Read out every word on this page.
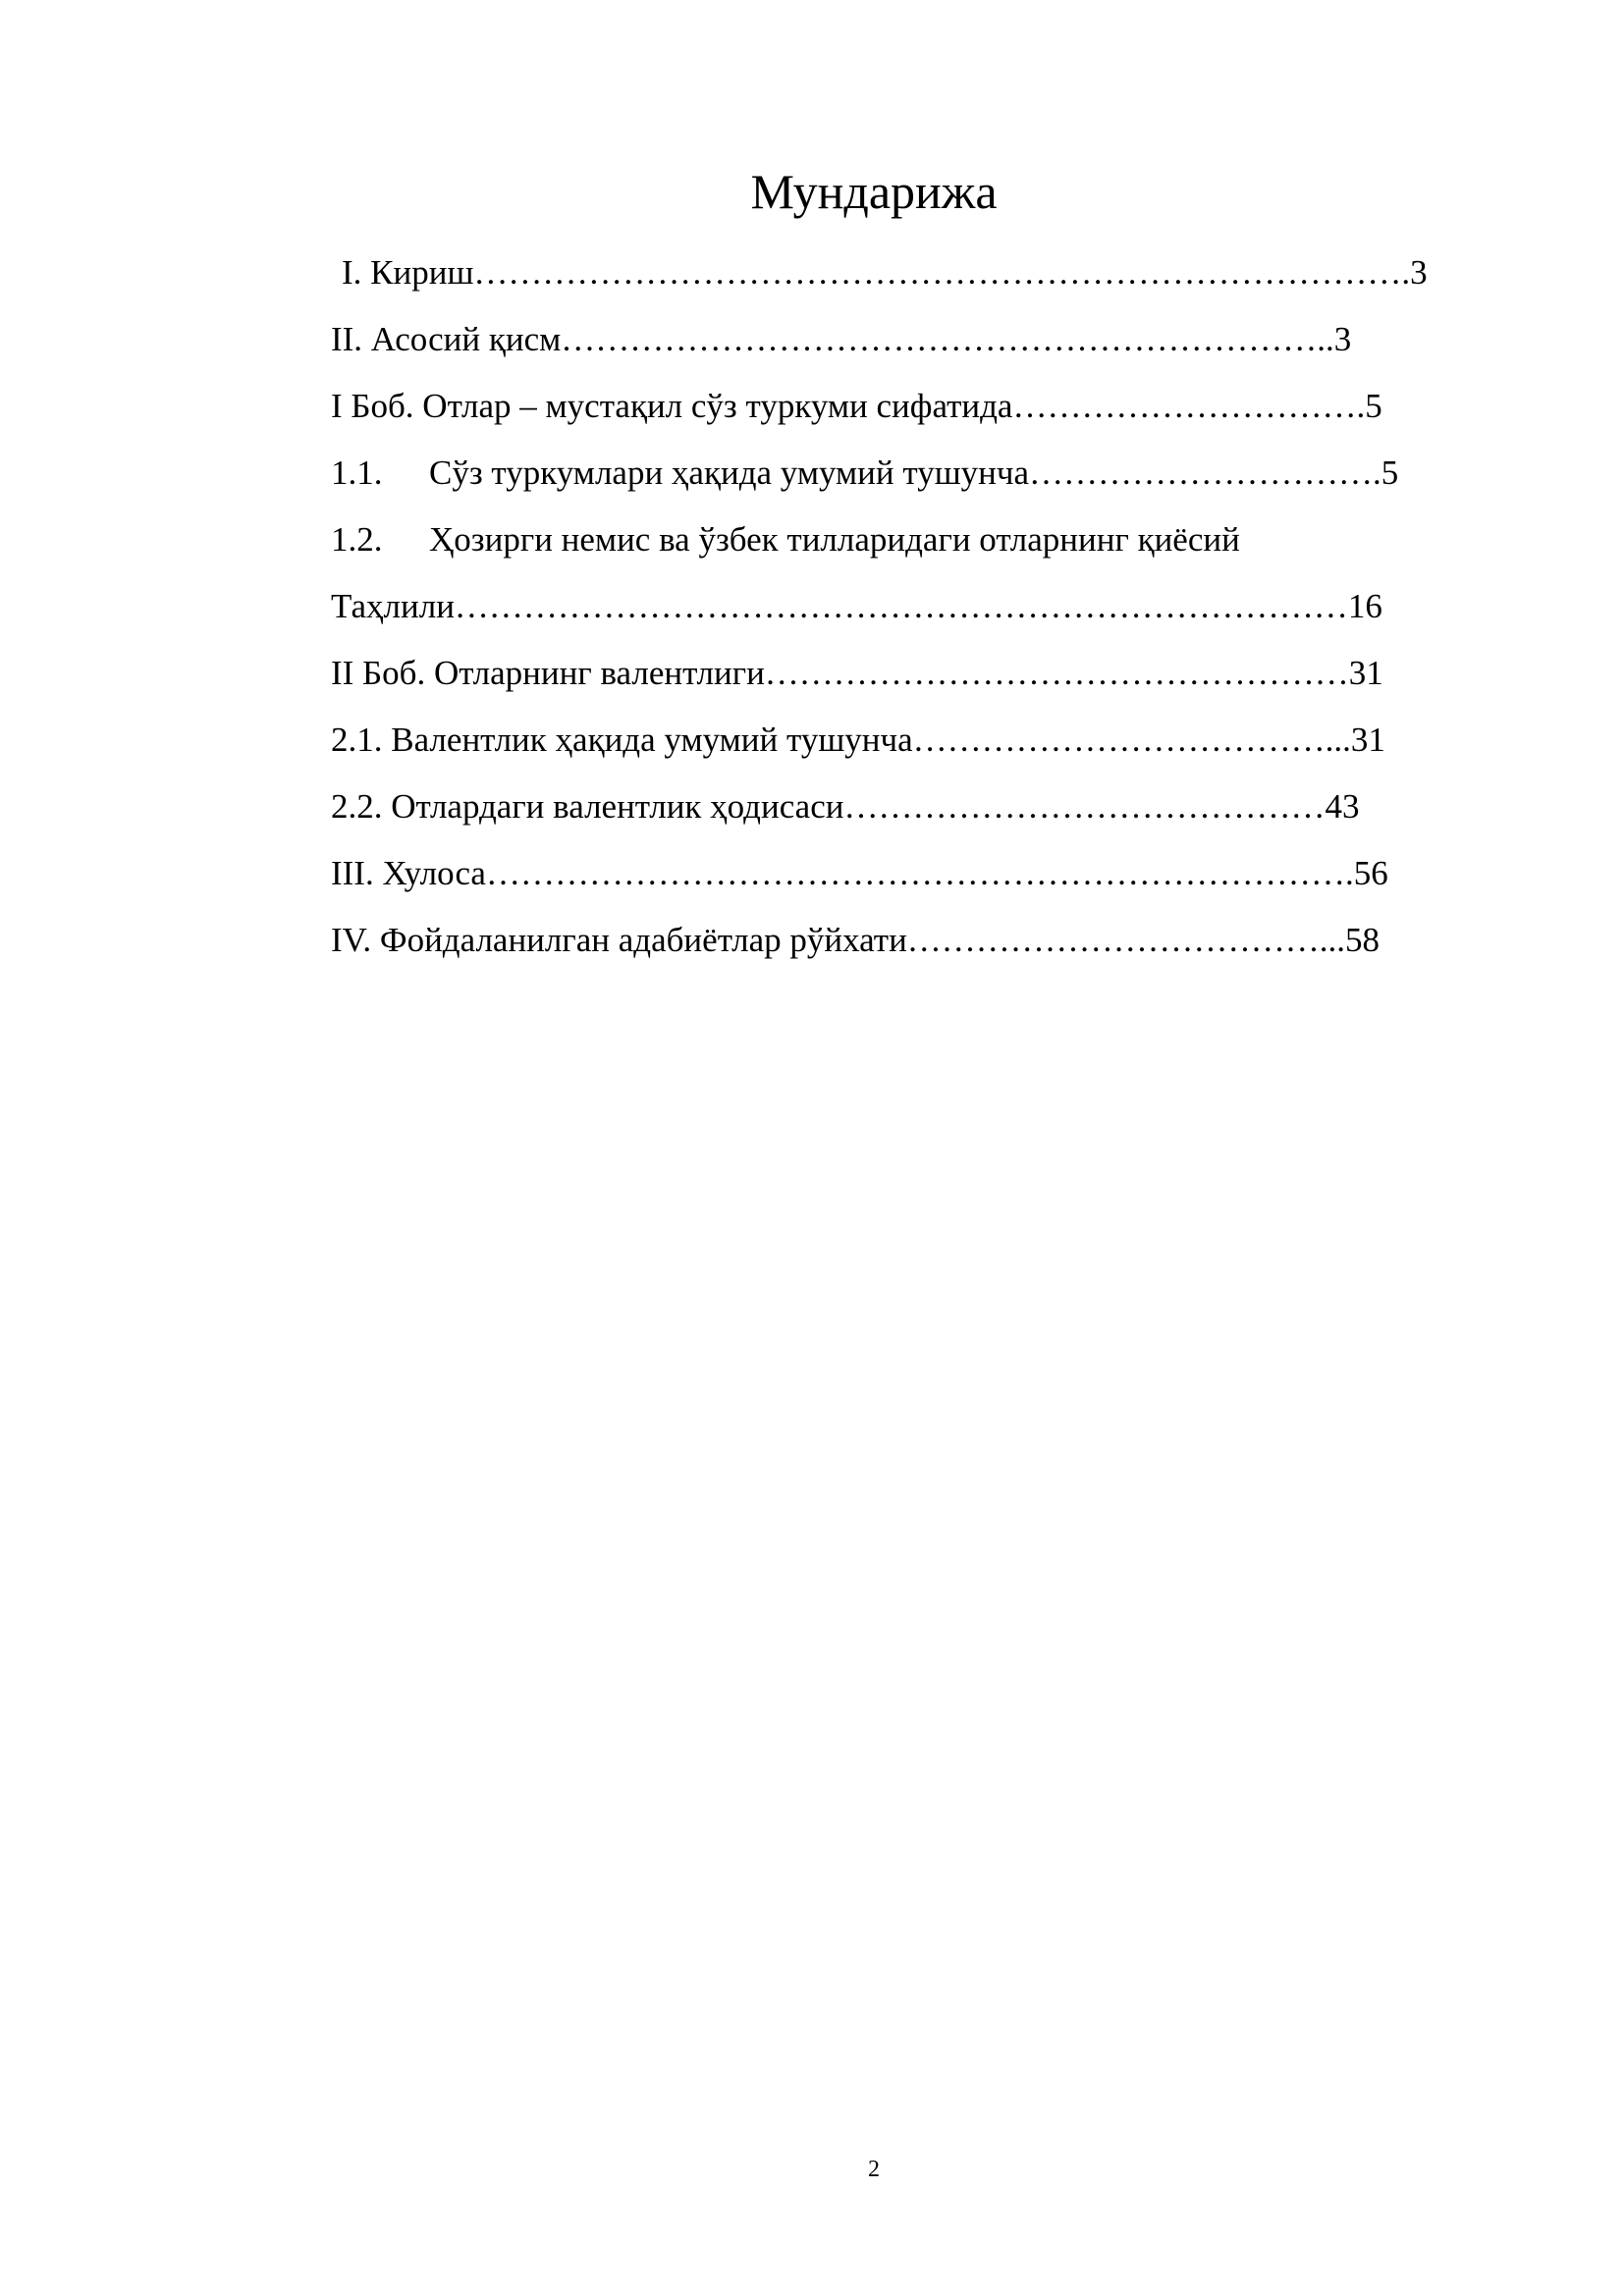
Мундарижа
I. Кириш……………………………………………………………………….3
II. Асосий қисм…………………………………………………………..3
I Боб. Отлар – мустақил сўз туркуми сифатида………………………….5
1.1. Сўз туркумлари ҳақида умумий тушунча………………………….5
1.2. Ҳозирги немис ва ўзбек тилларидаги отларнинг қиёсий
Таҳлили……………………………………………………………………16
II Боб. Отларнинг валентлиги……………………………………………31
2.1. Валентлик ҳақида умумий тушунча………………………………...31
2.2. Отлардаги валентлик ҳодисаси……………………………………43
III. Хулоса………………………………………………………………….56
IV. Фойдаланилган адабиётлар рўйхати………………………………...58
2
